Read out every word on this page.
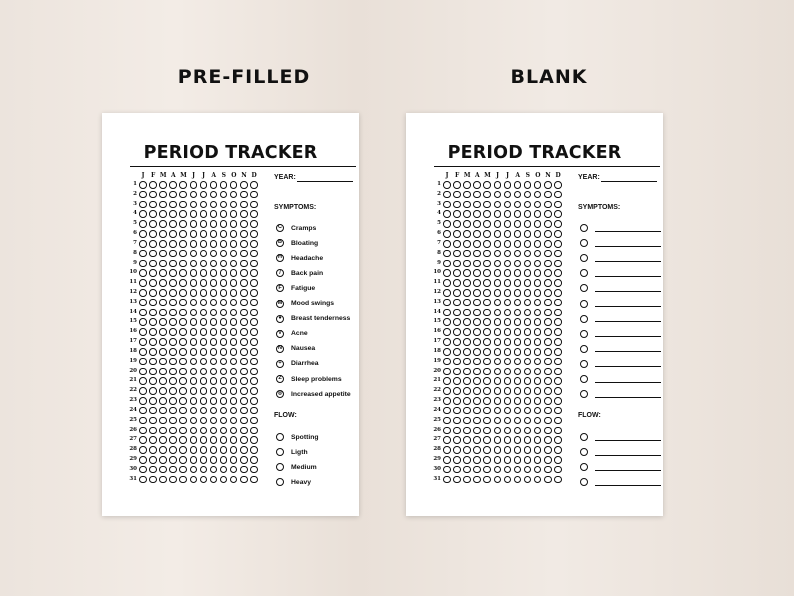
PRE-FILLED	BLANK
PERIOD TRACKER
J	F M A M J	J	A S O N D
1
2
3
4
5
6
7
8
9
10
11
12
13
14
15
16
17
18
19
20
21
22
23
24
25
26
27
28
29
30
31
YEAR:
SYMPTOMS:
FLOW:
C Cramps
B Bloating
H Headache
/	Back pain
F	Fatigue
M Mood swings
●	Breast tenderness
V	Acne
N Nausea
+	Diarrhea
Z	Sleep problems
◎ Increased appetite
Spotting
Ligth
Medium
Heavy
PERIOD TRACKER
J	F M A M J	J	A S O N D
1
2
3
4
5
6
7
8
9
10
11
12
13
14
15
16
17
18
19
20
21
22
23
24
25
26
27
28
29
30
31
YEAR:
SYMPTOMS:
FLOW:
